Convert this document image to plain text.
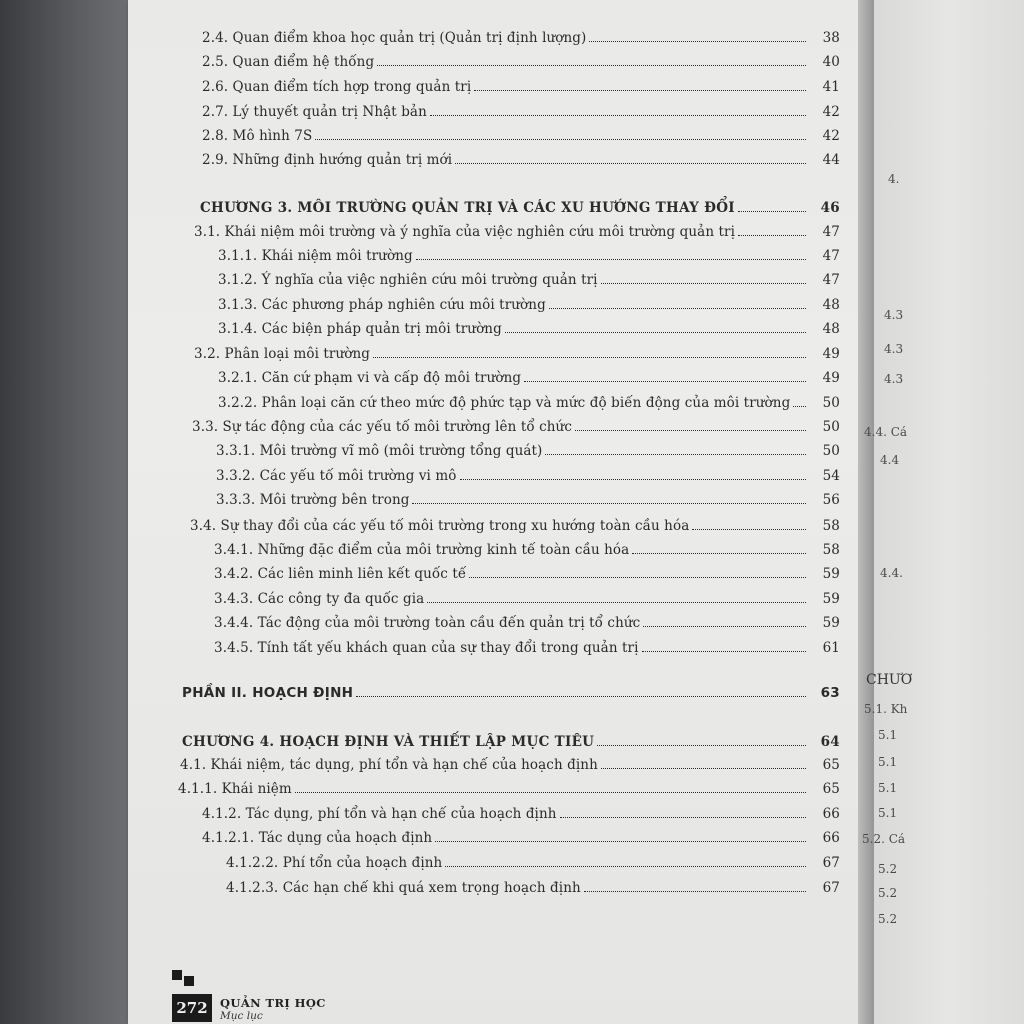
2.4. Quan điểm khoa học quản trị (Quản trị định lượng)	38
2.5. Quan điểm hệ thống	40
2.6. Quan điểm tích hợp trong quản trị	41
2.7. Lý thuyết quản trị Nhật bản	42
2.8. Mô hình 7S	42
2.9. Những định hướng quản trị mới	44
CHƯƠNG 3. MÔI TRƯỜNG QUẢN TRỊ VÀ CÁC XU HƯỚNG THAY ĐỔI	46
3.1. Khái niệm môi trường và ý nghĩa của việc nghiên cứu môi trường quản trị	47
3.1.1. Khái niệm môi trường	47
3.1.2. Ý nghĩa của việc nghiên cứu môi trường quản trị	47
3.1.3. Các phương pháp nghiên cứu môi trường	48
3.1.4. Các biện pháp quản trị môi trường	48
3.2. Phân loại môi trường	49
3.2.1. Căn cứ phạm vi và cấp độ môi trường	49
3.2.2. Phân loại căn cứ theo mức độ phức tạp và mức độ biến động của môi trường	50
3.3. Sự tác động của các yếu tố môi trường lên tổ chức	50
3.3.1. Môi trường vĩ mô (môi trường tổng quát)	50
3.3.2. Các yếu tố môi trường vi mô	54
3.3.3. Môi trường bên trong	56
3.4. Sự thay đổi của các yếu tố môi trường trong xu hướng toàn cầu hóa	58
3.4.1. Những đặc điểm của môi trường kinh tế toàn cầu hóa	58
3.4.2. Các liên minh liên kết quốc tế	59
3.4.3. Các công ty đa quốc gia	59
3.4.4. Tác động của môi trường toàn cầu đến quản trị tổ chức	59
3.4.5. Tính tất yếu khách quan của sự thay đổi trong quản trị	61
PHẦN II. HOẠCH ĐỊNH	63
CHƯƠNG 4. HOẠCH ĐỊNH VÀ THIẾT LẬP MỤC TIÊU	64
4.1. Khái niệm, tác dụng, phí tổn và hạn chế của hoạch định	65
4.1.1. Khái niệm	65
4.1.2. Tác dụng, phí tổn và hạn chế của hoạch định	66
4.1.2.1. Tác dụng của hoạch định	66
4.1.2.2. Phí tổn của hoạch định	67
4.1.2.3. Các hạn chế khi quá xem trọng hoạch định	67
272	QUẢN TRỊ HỌC
Mục lục
4.
4.3
4.3
4.3
4.4. Cá
4.4
4.4.
CHƯƠ
5.1. Kh
5.1
5.1
5.1
5.1
5.2. Cá
5.2
5.2
5.2
